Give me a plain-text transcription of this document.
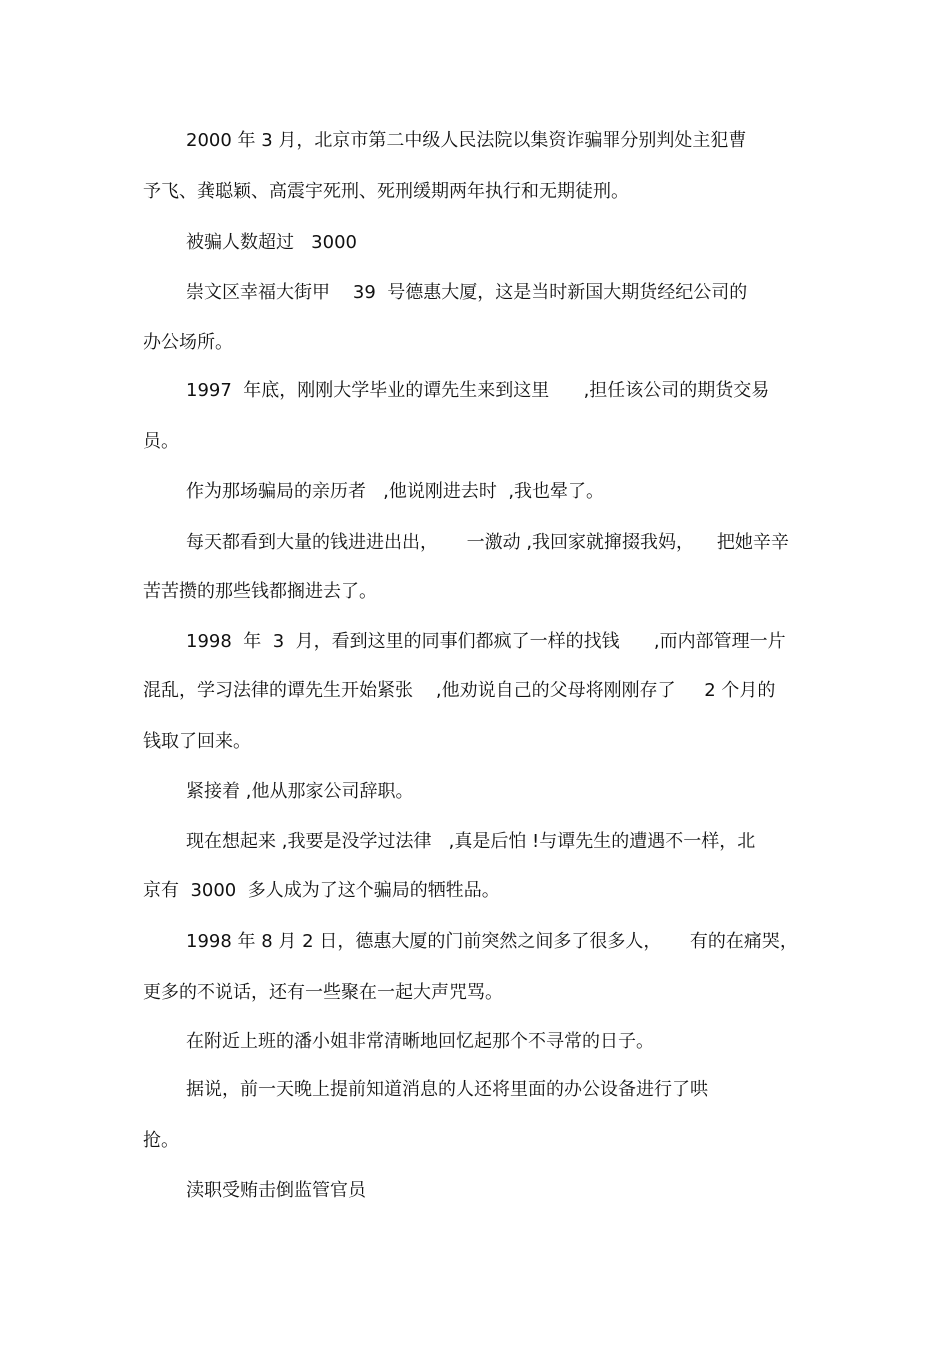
2000 年 3 月，北京市第二中级人民法院以集资诈骗罪分别判处主犯曹

予飞、龚聪颖、高震宇死刑、死刑缓期两年执行和无期徒刑。

被骗人数超过   3000

崇文区幸福大街甲    39  号德惠大厦，这是当时新国大期货经纪公司的

办公场所。

1997  年底，刚刚大学毕业的谭先生来到这里      ,担任该公司的期货交易

员。

作为那场骗局的亲历者   ,他说刚进去时  ,我也晕了。

每天都看到大量的钱进进出出，     一激动 ,我回家就撺掇我妈，    把她辛辛

苦苦攒的那些钱都搁进去了。

1998  年  3  月，看到这里的同事们都疯了一样的找钱      ,而内部管理一片

混乱，学习法律的谭先生开始紧张    ,他劝说自己的父母将刚刚存了     2 个月的

钱取了回来。

紧接着 ,他从那家公司辞职。

现在想起来 ,我要是没学过法律   ,真是后怕 !与谭先生的遭遇不一样，北

京有  3000  多人成为了这个骗局的牺牲品。

1998 年 8 月 2 日，德惠大厦的门前突然之间多了很多人，     有的在痛哭，

更多的不说话，还有一些聚在一起大声咒骂。

在附近上班的潘小姐非常清晰地回忆起那个不寻常的日子。

据说，前一天晚上提前知道消息的人还将里面的办公设备进行了哄

抢。

渎职受贿击倒监管官员
